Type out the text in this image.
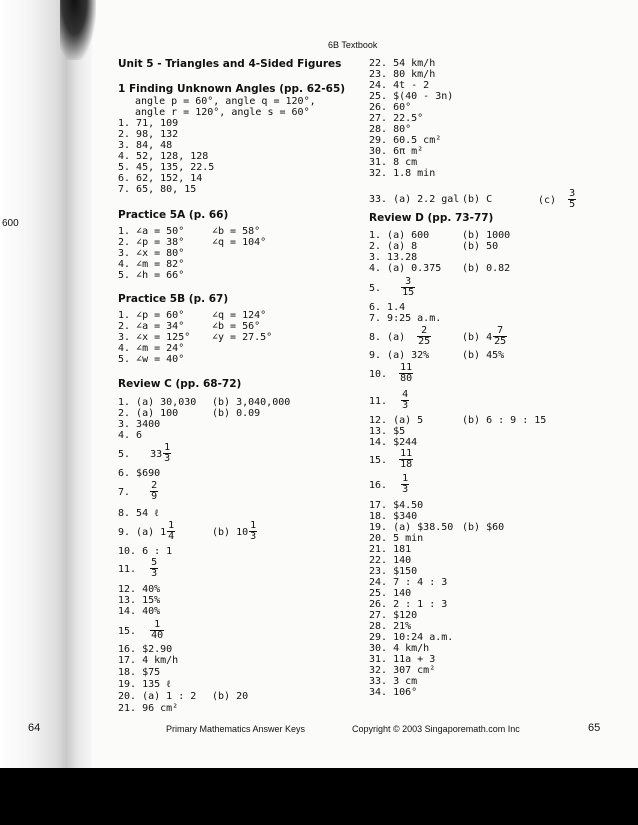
6B Textbook
600
Unit 5 - Triangles and 4-Sided Figures
1 Finding Unknown Angles (pp. 62-65)
angle p = 60°, angle q = 120°,
angle r = 120°, angle s = 60°
1. 71, 109
2. 98, 132
3. 84, 48
4. 52, 128, 128
5. 45, 135, 22.5
6. 62, 152, 14
7. 65, 80, 15
Practice 5A (p. 66)
1. ∠a = 50°	∠b = 58°
2. ∠p = 38°	∠q = 104°
3. ∠x = 80°
4. ∠m = 82°
5. ∠h = 66°
Practice 5B (p. 67)
1. ∠p = 60°	∠q = 124°
2. ∠a = 34°	∠b = 56°
3. ∠x = 125° ∠y = 27.5°
4. ∠m = 24°
5. ∠w = 40°
Review C (pp. 68-72)
1. (a) 30,030 (b) 3,040,000
2. (a) 100	(b) 0.09
3. 3400
4. 6
5. $33 \frac{1}{3}$
6. $690
7. $\frac{2}{9}$
8. 54 ℓ
9. (a) $1 \frac{1}{4}$	(b) $10 \frac{1}{3}$
10. 6 : 1
11. $\frac{5}{3}$
12. 40%
13. 15%
14. 40%
15. $\frac{1}{40}$
16. $2.90
17. 4 km/h
18. $75
19. 135 ℓ
20. (a) 1 : 2 (b) 20
21. 96 cm²
22. 54 km/h
23. 80 km/h
24. 4t - 2
25. $(40 - 3n)
26. 60°
27. 22.5°
28. 80°
29. 60.5 cm²
30. 6π m²
31. 8 cm
32. 1.8 min
33. (a) 2.2 gal (b) C	$(c) \frac{3}{5}$
Review D (pp. 73-77)
1. (a) 600	(b) 1000
2. (a) 8	(b) 50
3. 13.28
4. (a) 0.375 (b) 0.82
5. $\frac{3}{15}$
6. 1.4
7. 9:25 a.m.
8. $(a) \frac{2}{25}$	(b) $4 \frac{7}{25}$
9. (a) 32%	(b) 45%
10. $\frac{11}{80}$
11. $\frac{4}{3}$
12. (a) 5	(b) 6 : 9 : 15
13. $5
14. $244
15. $\frac{11}{18}$
16. $\frac{1}{3}$
17. $4.50
18. $340
19. (a) $38.50 (b) $60
20. 5 min
21. 181
22. 140
23. $150
24. 7 : 4 : 3
25. 140
26. 2 : 1 : 3
27. $120
28. 21%
29. 10:24 a.m.
30. 4 km/h
31. 11a + 3
32. 307 cm²
33. 3 cm
34. 106°
64	Primary Mathematics Answer Keys	Copyright © 2003 Singaporemath.com Inc	65
